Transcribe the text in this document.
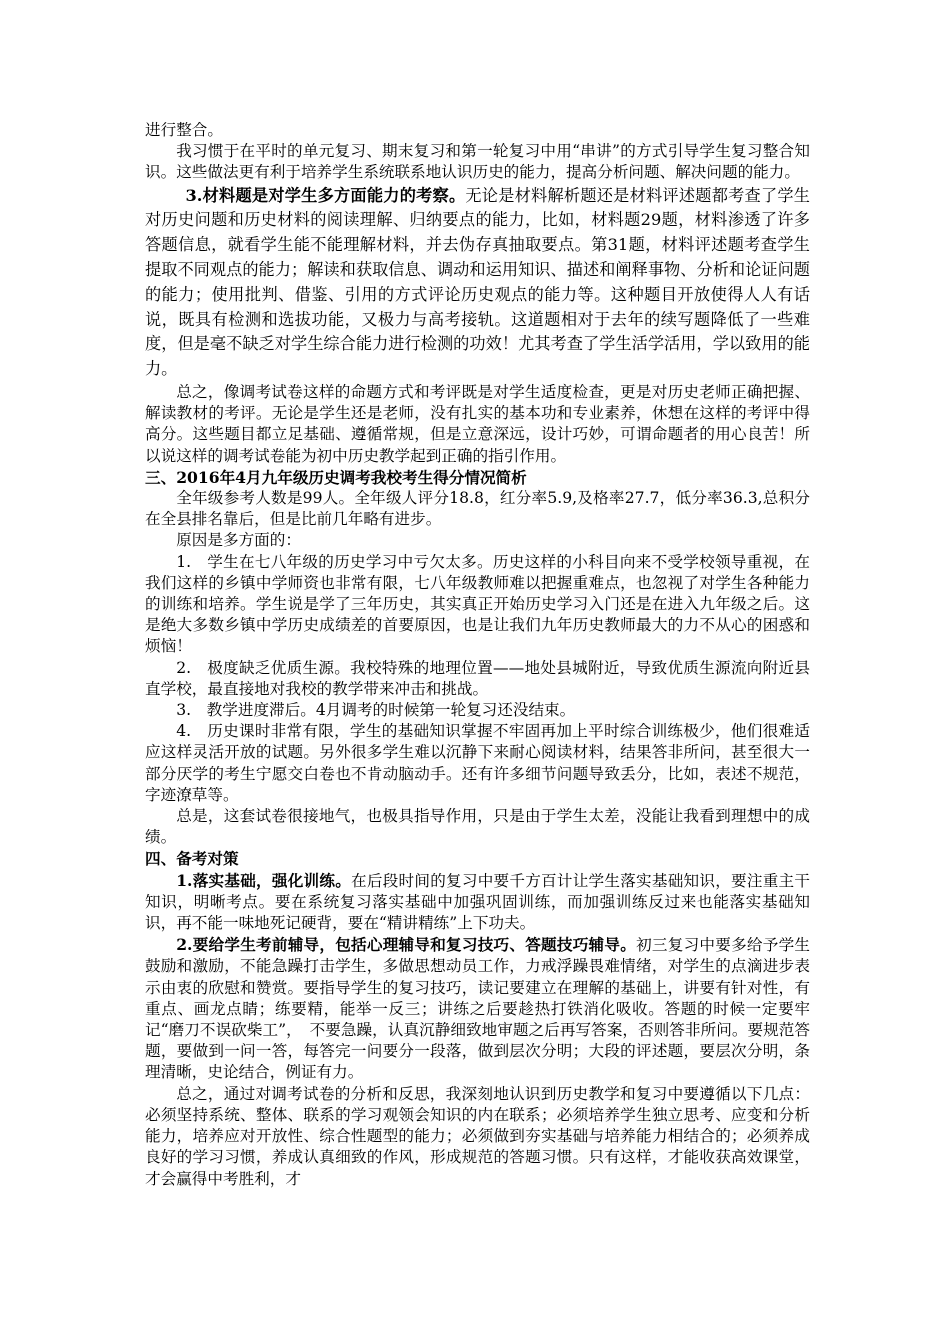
进行整合。

我习惯于在平时的单元复习、期末复习和第一轮复习中用“串讲”的方式引导学生复习整合知识。这些做法更有利于培养学生系统联系地认识历史的能力，提高分析问题、解决问题的能力。

3.材料题是对学生多方面能力的考察。无论是材料解析题还是材料评述题都考查了学生对历史问题和历史材料的阅读理解、归纳要点的能力，比如，材料题29题，材料渗透了许多答题信息，就看学生能不能理解材料，并去伪存真抽取要点。第31题，材料评述题考查学生提取不同观点的能力；解读和获取信息、调动和运用知识、描述和阐释事物、分析和论证问题的能力；使用批判、借鉴、引用的方式评论历史观点的能力等。这种题目开放使得人人有话说，既具有检测和选拔功能，又极力与高考接轨。这道题相对于去年的续写题降低了一些难度，但是毫不缺乏对学生综合能力进行检测的功效！尤其考查了学生活学活用，学以致用的能力。

总之，像调考试卷这样的命题方式和考评既是对学生适度检查，更是对历史老师正确把握、解读教材的考评。无论是学生还是老师，没有扎实的基本功和专业素养，休想在这样的考评中得高分。这些题目都立足基础、遵循常规，但是立意深远，设计巧妙，可谓命题者的用心良苦！所以说这样的调考试卷能为初中历史教学起到正确的指引作用。

三、2016年4月九年级历史调考我校考生得分情况简析

全年级参考人数是99人。全年级人评分18.8，红分率5.9,及格率27.7，低分率36.3,总积分在全县排名靠后，但是比前几年略有进步。

原因是多方面的：

1.　学生在七八年级的历史学习中亏欠太多。历史这样的小科目向来不受学校领导重视，在我们这样的乡镇中学师资也非常有限，七八年级教师难以把握重难点，也忽视了对学生各种能力的训练和培养。学生说是学了三年历史，其实真正开始历史学习入门还是在进入九年级之后。这是绝大多数乡镇中学历史成绩差的首要原因，也是让我们九年历史教师最大的力不从心的困惑和烦恼！

2.　极度缺乏优质生源。我校特殊的地理位置——地处县城附近，导致优质生源流向附近县直学校，最直接地对我校的教学带来冲击和挑战。

3.　教学进度滞后。4月调考的时候第一轮复习还没结束。

4.　历史课时非常有限，学生的基础知识掌握不牢固再加上平时综合训练极少，他们很难适应这样灵活开放的试题。另外很多学生难以沉静下来耐心阅读材料，结果答非所问，甚至很大一部分厌学的考生宁愿交白卷也不肯动脑动手。还有许多细节问题导致丢分，比如，表述不规范，字迹潦草等。

总是，这套试卷很接地气，也极具指导作用，只是由于学生太差，没能让我看到理想中的成绩。

四、备考对策

1.落实基础，强化训练。在后段时间的复习中要千方百计让学生落实基础知识，要注重主干知识，明晰考点。要在系统复习落实基础中加强巩固训练，而加强训练反过来也能落实基础知识，再不能一味地死记硬背，要在“精讲精练”上下功夫。

2.要给学生考前辅导，包括心理辅导和复习技巧、答题技巧辅导。初三复习中要多给予学生鼓励和激励，不能急躁打击学生，多做思想动员工作，力戒浮躁畏难情绪，对学生的点滴进步表示由衷的欣慰和赞赏。要指导学生的复习技巧，读记要建立在理解的基础上，讲要有针对性，有重点、画龙点睛；练要精，能举一反三；讲练之后要趁热打铁消化吸收。答题的时候一定要牢记“磨刀不误砍柴工”，　不要急躁，认真沉静细致地审题之后再写答案，否则答非所问。要规范答题，要做到一问一答，每答完一问要分一段落，做到层次分明；大段的评述题，要层次分明，条理清晰，史论结合，例证有力。

总之，通过对调考试卷的分析和反思，我深刻地认识到历史教学和复习中要遵循以下几点：必须坚持系统、整体、联系的学习观领会知识的内在联系；必须培养学生独立思考、应变和分析能力，培养应对开放性、综合性题型的能力；必须做到夯实基础与培养能力相结合的；必须养成良好的学习习惯，养成认真细致的作风，形成规范的答题习惯。只有这样，才能收获高效课堂，才会赢得中考胜利，才
